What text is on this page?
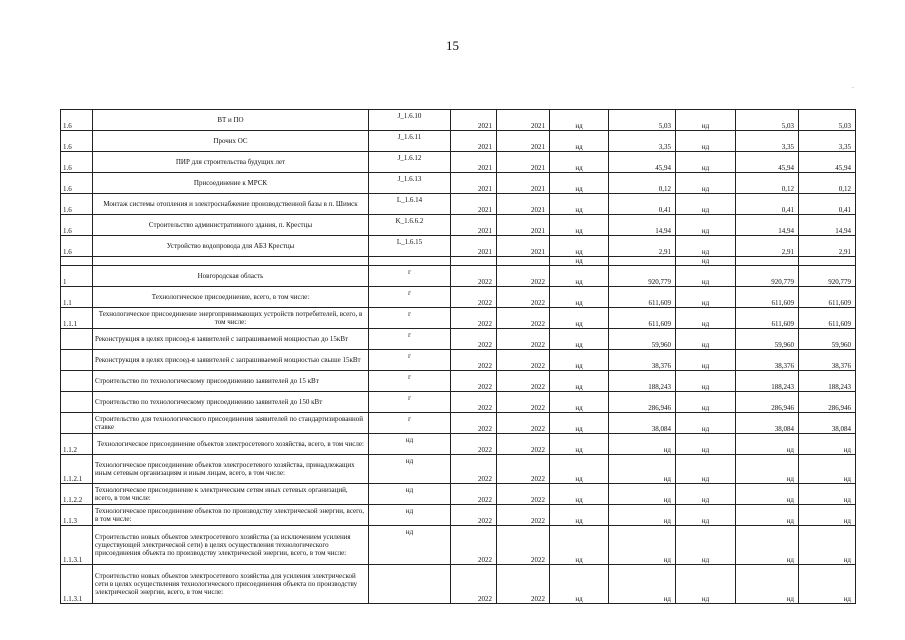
15
.
1.6	ВТ и ПО	J_1.6.10	2021	2021	нд	5,03	нд	5,03	5,03
1.6	Прочих ОС	J_1.6.11	2021	2021	нд	3,35	нд	3,35	3,35
1.6	ПИР для строительства будущих лет	J_1.6.12	2021	2021	нд	45,94	нд	45,94	45,94
1.6	Присоединение к МРСК	J_1.6.13	2021	2021	нд	0,12	нд	0,12	0,12
1.6	Монтаж системы отопления и электроснабжение производственной базы в п. Шимск	L_1.6.14	2021	2021	нд	0,41	нд	0,41	0,41
1.6	Строительство административного здания, п. Крестцы	K_1.6.6.2	2021	2021	нд	14,94	нд	14,94	14,94
1.6	Устройство водопровода для АБЗ Крестцы	L_1.6.15	2021	2021	нд	2,91	нд	2,91	2,91
					нд		нд		
1	Новгородская область	г	2022	2022	нд	920,779	нд	920,779	920,779
1.1	Технологическое присоединение, всего, в том числе:	г	2022	2022	нд	611,609	нд	611,609	611,609
1.1.1	Технологическое присоединение энергопринимающих устройств потребителей, всего, в том числе:	г	2022	2022	нд	611,609	нд	611,609	611,609
	Реконструкция в целях присоед-я заявителей с запрашиваемой мощностью до 15кВт	г	2022	2022	нд	59,960	нд	59,960	59,960
	Реконструкция в целях присоед-я заявителей с запрашиваемой мощностью свыше 15кВт	г	2022	2022	нд	38,376	нд	38,376	38,376
	Строительство по технологическому присоединению заявителей до 15 кВт	г	2022	2022	нд	188,243	нд	188,243	188,243
	Строительство по технологическому присоединению заявителей до 150 кВт	г	2022	2022	нд	286,946	нд	286,946	286,946
	Строительство для технологического присоединения заявителей по стандартизированной ставке	г	2022	2022	нд	38,084	нд	38,084	38,084
1.1.2	Технологическое присоединение объектов электросетевого хозяйства, всего, в том числе:	нд	2022	2022	нд	нд	нд	нд	нд
1.1.2.1	Технологическое присоединение объектов электросетевого хозяйства, принадлежащих иным сетевым организациям и иным лицам, всего, в том числе:	нд	2022	2022	нд	нд	нд	нд	нд
1.1.2.2	Технологическое присоединение к электрическим сетям иных сетевых организаций, всего, в том числе:	нд	2022	2022	нд	нд	нд	нд	нд
1.1.3	Технологическое присоединение объектов по производству электрической энергии, всего, в том числе:	нд	2022	2022	нд	нд	нд	нд	нд
1.1.3.1	Строительство новых объектов электросетевого хозяйства (за исключением усиления существующей электрической сети) в целях осуществления технологического присоединения объекта по производству электрической энергии, всего, в том числе:	нд	2022	2022	нд	нд	нд	нд	нд
1.1.3.1	Строительство новых объектов электросетевого хозяйства для усиления электрической сети в целях осуществления технологического присоединения объекта по производству электрической энергии, всего, в том числе:		2022	2022	нд	нд	нд	нд	нд
